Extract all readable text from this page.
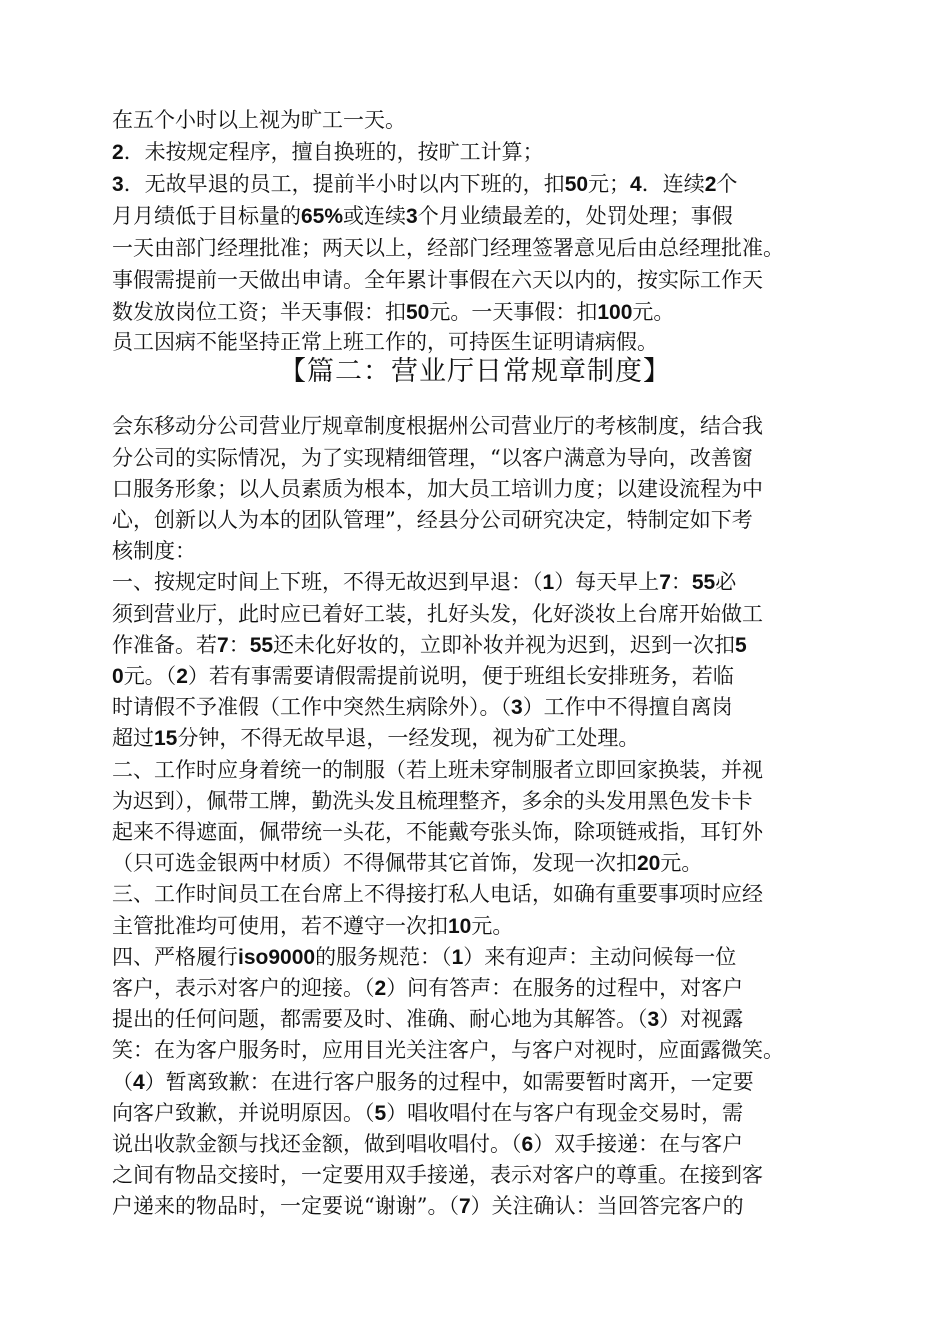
在五个小时以上视为旷工一天。
2．未按规定程序，擅自换班的，按旷工计算；
3．无故早退的员工，提前半小时以内下班的，扣50元；4．连续2个
月月绩低于目标量的65%或连续3个月业绩最差的，处罚处理；事假
一天由部门经理批准；两天以上，经部门经理签署意见后由总经理批准。
事假需提前一天做出申请。全年累计事假在六天以内的，按实际工作天
数发放岗位工资；半天事假：扣50元。一天事假：扣100元。
员工因病不能坚持正常上班工作的，可持医生证明请病假。
【篇二：营业厅日常规章制度】
会东移动分公司营业厅规章制度根据州公司营业厅的考核制度，结合我
分公司的实际情况，为了实现精细管理，“以客户满意为导向，改善窗
口服务形象；以人员素质为根本，加大员工培训力度；以建设流程为中
心，创新以人为本的团队管理”，经县分公司研究决定，特制定如下考
核制度：
一、按规定时间上下班，不得无故迟到早退：（1）每天早上7：55必
须到营业厅，此时应已着好工装，扎好头发，化好淡妆上台席开始做工
作准备。若7：55还未化好妆的，立即补妆并视为迟到，迟到一次扣5
0元。（2）若有事需要请假需提前说明，便于班组长安排班务，若临
时请假不予准假（工作中突然生病除外）。（3）工作中不得擅自离岗
超过15分钟，不得无故早退，一经发现，视为矿工处理。
二、工作时应身着统一的制服（若上班未穿制服者立即回家换装，并视
为迟到），佩带工牌，勤洗头发且梳理整齐，多余的头发用黑色发卡卡
起来不得遮面，佩带统一头花，不能戴夸张头饰，除项链戒指，耳钉外
（只可选金银两中材质）不得佩带其它首饰，发现一次扣20元。
三、工作时间员工在台席上不得接打私人电话，如确有重要事项时应经
主管批准均可使用，若不遵守一次扣10元。
四、严格履行iso9000的服务规范：（1）来有迎声：主动问候每一位
客户，表示对客户的迎接。（2）问有答声：在服务的过程中，对客户
提出的任何问题，都需要及时、准确、耐心地为其解答。（3）对视露
笑：在为客户服务时，应用目光关注客户，与客户对视时，应面露微笑。
（4）暂离致歉：在进行客户服务的过程中，如需要暂时离开，一定要
向客户致歉，并说明原因。（5）唱收唱付在与客户有现金交易时，需
说出收款金额与找还金额，做到唱收唱付。（6）双手接递：在与客户
之间有物品交接时，一定要用双手接递，表示对客户的尊重。在接到客
户递来的物品时，一定要说“谢谢”。（7）关注确认：当回答完客户的
